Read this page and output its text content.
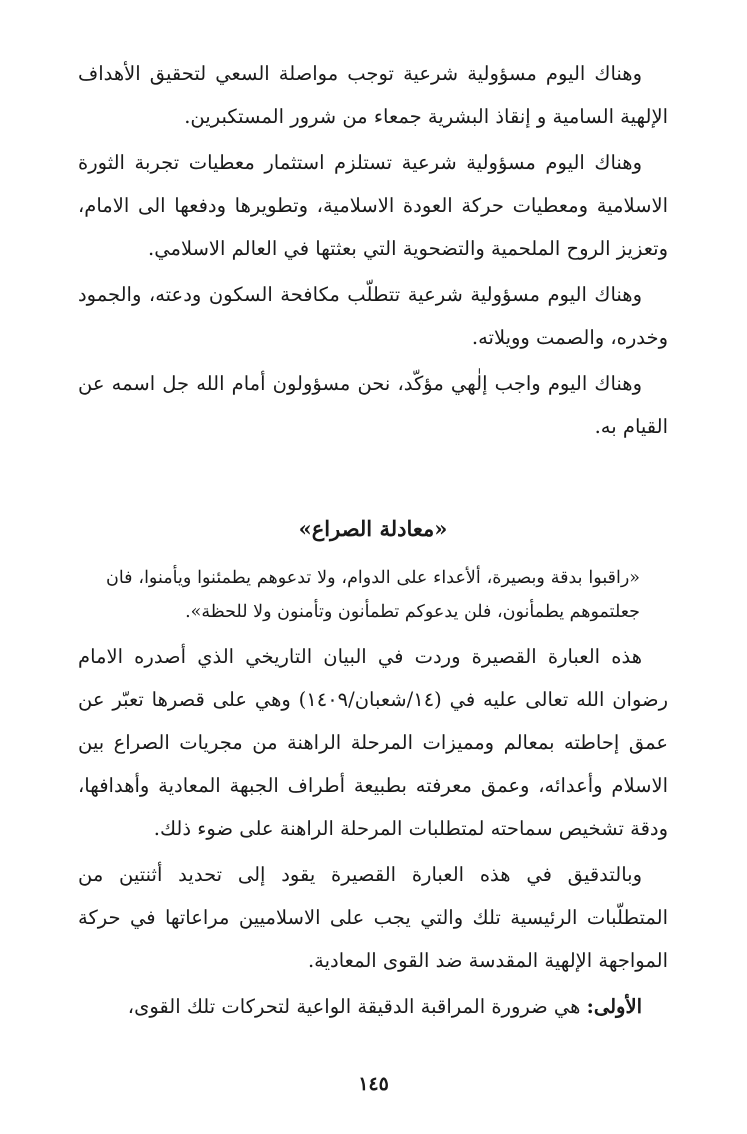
وهناك اليوم مسؤولية شرعية توجب مواصلة السعي لتحقيق الأهداف الإلهية السامية و إنقاذ البشرية جمعاء من شرور المستكبرين.

وهناك اليوم مسؤولية شرعية تستلزم استثمار معطيات تجربة الثورة الاسلامية ومعطيات حركة العودة الاسلامية، وتطويرها ودفعها الى الامام، وتعزيز الروح الملحمية والتضحوية التي بعثتها في العالم الاسلامي.

وهناك اليوم مسؤولية شرعية تتطلّب مكافحة السكون ودعته، والجمود وخدره، والصمت وويلاته.

وهناك اليوم واجب إلٰهي مؤكّد، نحن مسؤولون أمام الله جل اسمه عن القيام به.

«معادلة الصراع»

«راقبوا بدقة وبصيرة، ألأعداء على الدوام، ولا تدعوهم يطمئنوا ويأمنوا، فان جعلتموهم يطمأنون، فلن يدعوكم تطمأنون وتأمنون ولا للحظة».

هذه العبارة القصيرة وردت في البيان التاريخي الذي أصدره الامام رضوان الله تعالى عليه في (١٤/شعبان/١٤٠٩) وهي على قصرها تعبّر عن عمق إحاطته بمعالم ومميزات المرحلة الراهنة من مجريات الصراع بين الاسلام وأعدائه، وعمق معرفته بطبيعة أطراف الجبهة المعادية وأهدافها، ودقة تشخيص سماحته لمتطلبات المرحلة الراهنة على ضوء ذلك.

وبالتدقيق في هذه العبارة القصيرة يقود إلى تحديد أثنتين من المتطلّبات الرئيسية تلك والتي يجب على الاسلاميين مراعاتها في حركة المواجهة الإلهية المقدسة ضد القوى المعادية.

الأولى: هي ضرورة المراقبة الدقيقة الواعية لتحركات تلك القوى،

١٤٥
